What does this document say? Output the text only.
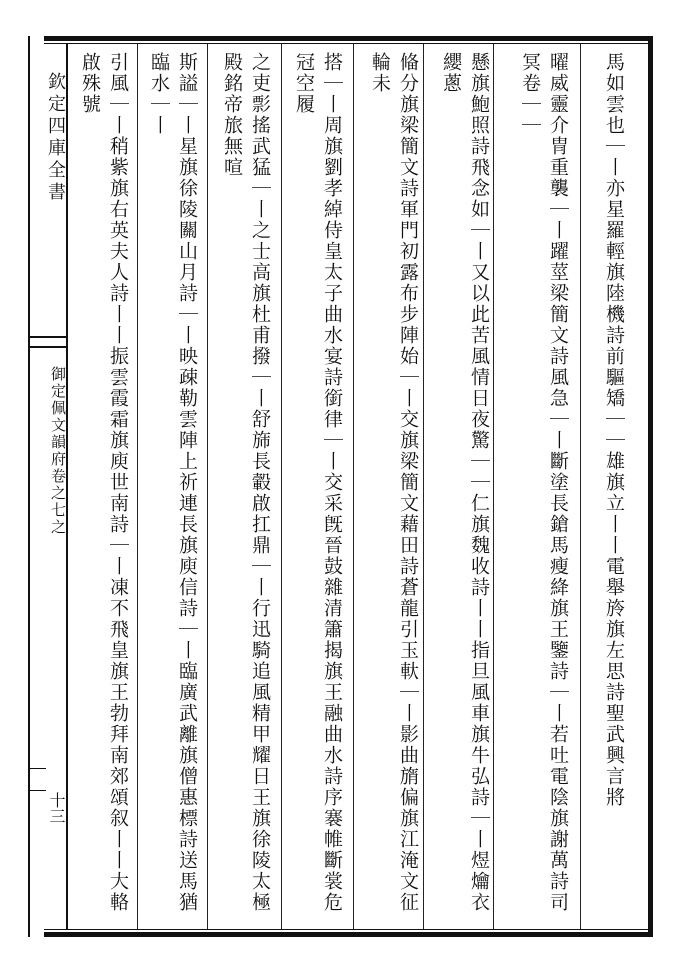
欽定四庫全書
御定佩文韻府卷之七之
十三	馬如雲也｜丨亦星羅輕旗陸機詩前驅矯｜｜雄旗立丨丨電舉旍旗左思詩聖武興言將
曜威靈介冑重襲｜丨躍莖梁簡文詩風急｜丨斷塗長鎗馬瘦絳旗王鑒詩｜丨若吐電陰旗謝萬詩司冥卷｜｜
懸旗鮑照詩飛念如｜丨又以此苦風情日夜驚｜｜仁旗魏收詩丨丨指旦風車旗牛弘詩｜丨煜爚衣纓蔥
偹分旗梁簡文詩軍門初露布步陣始｜丨交旗梁簡文藉田詩蒼龍引玉軑｜丨影曲旓偏旗江淹文征輪未
搭｜丨周旗劉孝綽侍皇太子曲水宴詩銜律｜丨交采旣晉鼓雜清簫揭旗王融曲水詩序褰帷斷裳危冠空履
之吏彯搖武猛｜丨之士高旗杜甫撥｜丨舒旆長轂啟扛鼎｜丨行迅騎追風精甲耀日王旗徐陵太極殿銘帝旅無喧
斯謚｜丨星旗徐陵關山月詩｜丨映疎勒雲陣上祈連長旗庾信詩｜丨臨廣武離旗僧惠標詩送馬猶臨水｜丨
引風｜丨稍紫旗右英夫人詩丨丨振雲霞霜旗庾世南詩｜丨凍不飛皇旗王勃拜南郊頌叙丨丨大輅啟殊號
